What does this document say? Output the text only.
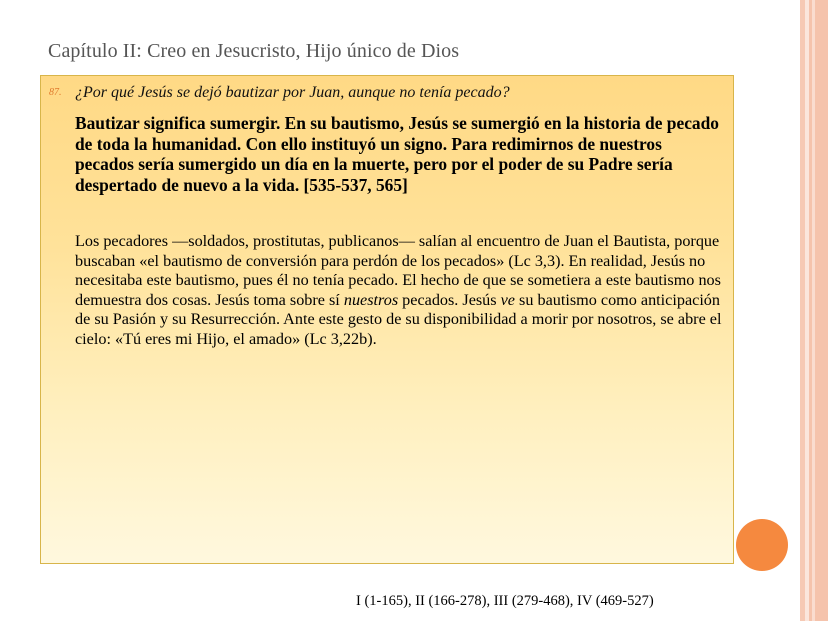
Capítulo II: Creo en Jesucristo, Hijo único de Dios
87. ¿Por qué Jesús se dejó bautizar por Juan, aunque no tenía pecado?
Bautizar significa sumergir. En su bautismo, Jesús se sumergió en la historia de pecado de toda la humanidad. Con ello instituyó un signo. Para redimirnos de nuestros pecados sería sumergido un día en la muerte, pero por el poder de su Padre sería despertado de nuevo a la vida. [535-537, 565]
Los pecadores —soldados, prostitutas, publicanos— salían al encuentro de Juan el Bautista, porque buscaban «el bautismo de conversión para perdón de los pecados» (Lc 3,3). En realidad, Jesús no necesitaba este bautismo, pues él no tenía pecado. El hecho de que se sometiera a este bautismo nos demuestra dos cosas. Jesús toma sobre sí nuestros pecados. Jesús ve su bautismo como anticipación de su Pasión y su Resurrección. Ante este gesto de su disponibilidad a morir por nosotros, se abre el cielo: «Tú eres mi Hijo, el amado» (Lc 3,22b).
I (1-165), II (166-278), III (279-468), IV (469-527)
